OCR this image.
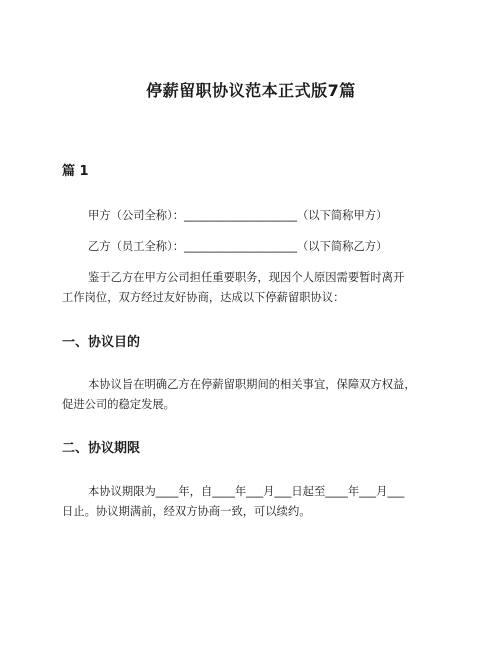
停薪留职协议范本正式版7篇
篇 1
甲方（公司全称）：____________________（以下简称甲方）
乙方（员工全称）：____________________（以下简称乙方）
鉴于乙方在甲方公司担任重要职务，现因个人原因需要暂时离开
工作岗位，双方经过友好协商，达成以下停薪留职协议：
一、协议目的
本协议旨在明确乙方在停薪留职期间的相关事宜，保障双方权益，
促进公司的稳定发展。
二、协议期限
本协议期限为____年，自____年___月___日起至____年___月___
日止。协议期满前，经双方协商一致，可以续约。
